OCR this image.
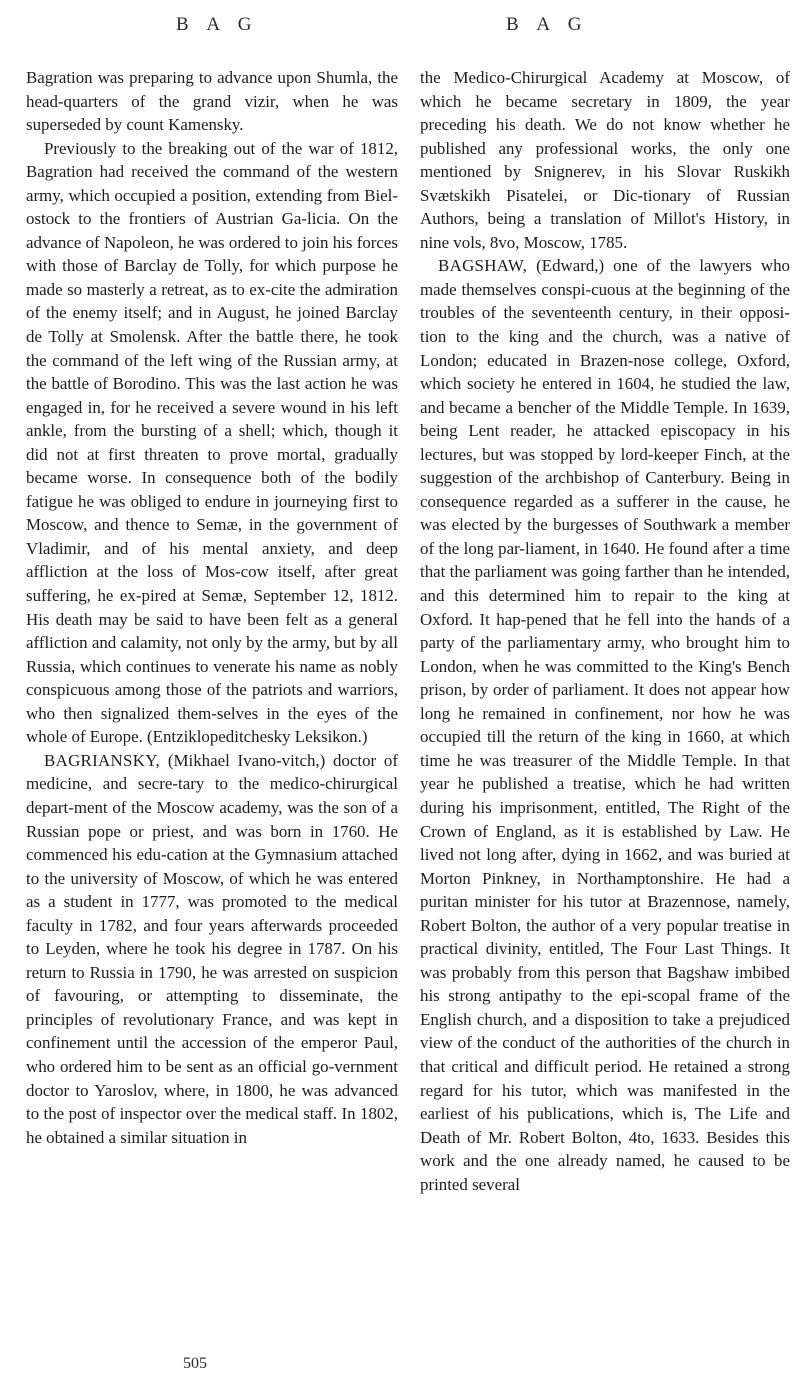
B A G	B A G

Bagration was preparing to advance upon Shumla, the head-quarters of the grand vizir, when he was superseded by count Kamensky.

Previously to the breaking out of the war of 1812, Bagration had received the command of the western army, which occupied a position, extending from Biel-ostock to the frontiers of Austrian Ga-licia. On the advance of Napoleon, he was ordered to join his forces with those of Barclay de Tolly, for which purpose he made so masterly a retreat, as to ex-cite the admiration of the enemy itself; and in August, he joined Barclay de Tolly at Smolensk. After the battle there, he took the command of the left wing of the Russian army, at the battle of Borodino. This was the last action he was engaged in, for he received a severe wound in his left ankle, from the bursting of a shell; which, though it did not at first threaten to prove mortal, gradually became worse. In consequence both of the bodily fatigue he was obliged to endure in journeying first to Moscow, and thence to Semæ, in the government of Vladimir, and of his mental anxiety, and deep affliction at the loss of Mos-cow itself, after great suffering, he ex-pired at Semæ, September 12, 1812. His death may be said to have been felt as a general affliction and calamity, not only by the army, but by all Russia, which continues to venerate his name as nobly conspicuous among those of the patriots and warriors, who then signalized them-selves in the eyes of the whole of Europe. (Entziklopeditchesky Leksikon.)

BAGRIANSKY, (Mikhael Ivano-vitch,) doctor of medicine, and secre-tary to the medico-chirurgical depart-ment of the Moscow academy, was the son of a Russian pope or priest, and was born in 1760. He commenced his edu-cation at the Gymnasium attached to the university of Moscow, of which he was entered as a student in 1777, was promoted to the medical faculty in 1782, and four years afterwards proceeded to Leyden, where he took his degree in 1787. On his return to Russia in 1790, he was arrested on suspicion of favouring, or attempting to disseminate, the principles of revolutionary France, and was kept in confinement until the accession of the emperor Paul, who ordered him to be sent as an official go-vernment doctor to Yaroslov, where, in 1800, he was advanced to the post of inspector over the medical staff. In 1802, he obtained a similar situation in

the Medico-Chirurgical Academy at Moscow, of which he became secretary in 1809, the year preceding his death. We do not know whether he published any professional works, the only one mentioned by Snignerev, in his Slovar Ruskikh Svætskikh Pisatelei, or Dic-tionary of Russian Authors, being a translation of Millot's History, in nine vols, 8vo, Moscow, 1785.

BAGSHAW, (Edward,) one of the lawyers who made themselves conspi-cuous at the beginning of the troubles of the seventeenth century, in their opposi-tion to the king and the church, was a native of London; educated in Brazen-nose college, Oxford, which society he entered in 1604, he studied the law, and became a bencher of the Middle Temple. In 1639, being Lent reader, he attacked episcopacy in his lectures, but was stopped by lord-keeper Finch, at the suggestion of the archbishop of Canterbury. Being in consequence regarded as a sufferer in the cause, he was elected by the burgesses of Southwark a member of the long par-liament, in 1640. He found after a time that the parliament was going farther than he intended, and this determined him to repair to the king at Oxford. It hap-pened that he fell into the hands of a party of the parliamentary army, who brought him to London, when he was committed to the King's Bench prison, by order of parliament. It does not appear how long he remained in confinement, nor how he was occupied till the return of the king in 1660, at which time he was treasurer of the Middle Temple. In that year he published a treatise, which he had written during his imprisonment, entitled, The Right of the Crown of England, as it is established by Law. He lived not long after, dying in 1662, and was buried at Morton Pinkney, in Northamptonshire. He had a puritan minister for his tutor at Brazennose, namely, Robert Bolton, the author of a very popular treatise in practical divinity, entitled, The Four Last Things. It was probably from this person that Bagshaw imbibed his strong antipathy to the epi-scopal frame of the English church, and a disposition to take a prejudiced view of the conduct of the authorities of the church in that critical and difficult period. He retained a strong regard for his tutor, which was manifested in the earliest of his publications, which is, The Life and Death of Mr. Robert Bolton, 4to, 1633. Besides this work and the one already named, he caused to be printed several

505
